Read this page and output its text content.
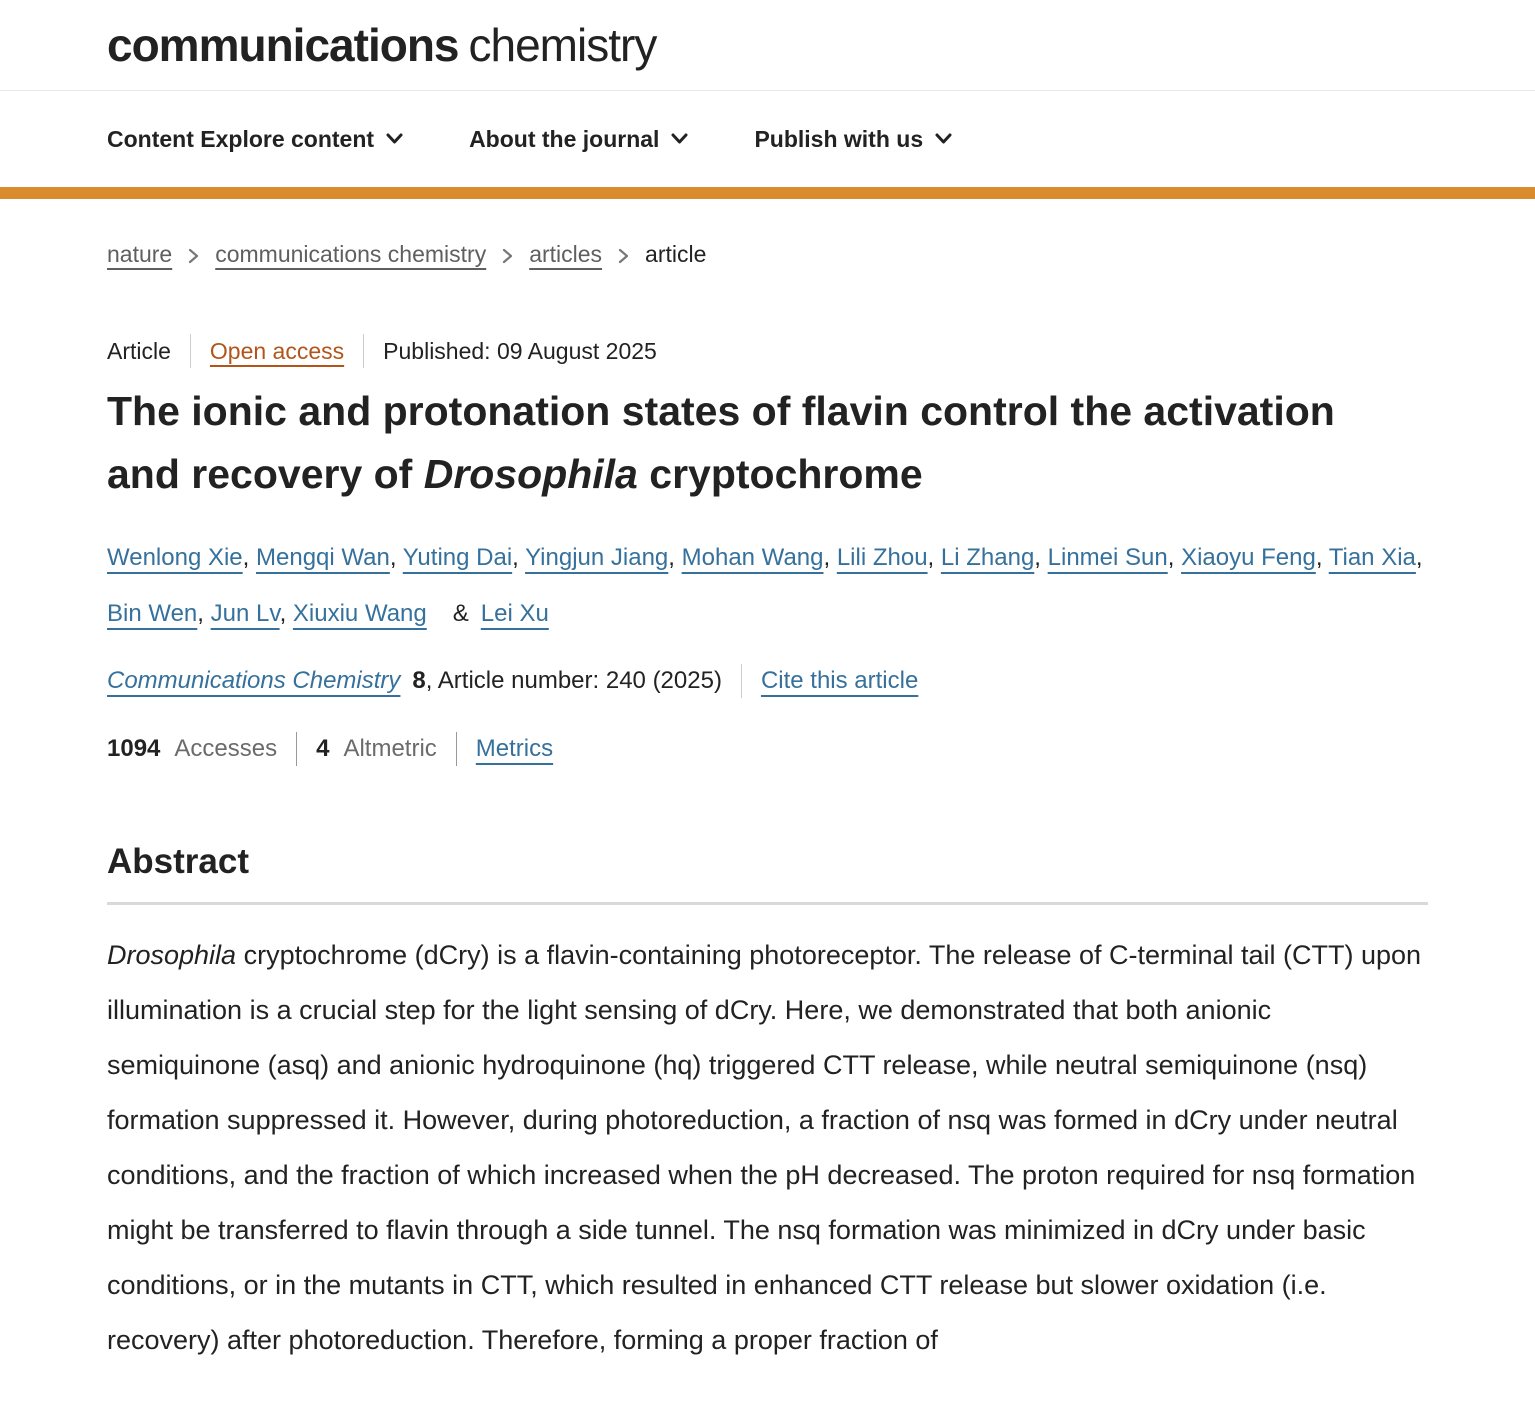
communications chemistry
Content Explore content	About the journal	Publish with us
nature communications chemistry articles article
Article Open access Published: 09 August 2025
The ionic and protonation states of flavin control the activation and recovery of Drosophila cryptochrome
Wenlong Xie, Mengqi Wan, Yuting Dai, Yingjun Jiang, Mohan Wang, Lili Zhou, Li Zhang, Linmei Sun, Xiaoyu Feng, Tian Xia, Bin Wen, Jun Lv, Xiuxiu Wang & Lei Xu
Communications Chemistry 8 , Article number: 240 (2025) Cite this article
1094 Accesses 4 Altmetric Metrics
Abstract

Drosophila cryptochrome (dCry) is a flavin-containing photoreceptor. The release of C-terminal tail (CTT) upon illumination is a crucial step for the light sensing of dCry. Here, we demonstrated that both anionic semiquinone (asq) and anionic hydroquinone (hq) triggered CTT release, while neutral semiquinone (nsq) formation suppressed it. However, during photoreduction, a fraction of nsq was formed in dCry under neutral conditions, and the fraction of which increased when the pH decreased. The proton required for nsq formation might be transferred to flavin through a side tunnel. The nsq formation was minimized in dCry under basic conditions, or in the mutants in CTT, which resulted in enhanced CTT release but slower oxidation (i.e. recovery) after photoreduction. Therefore, forming a proper fraction of
